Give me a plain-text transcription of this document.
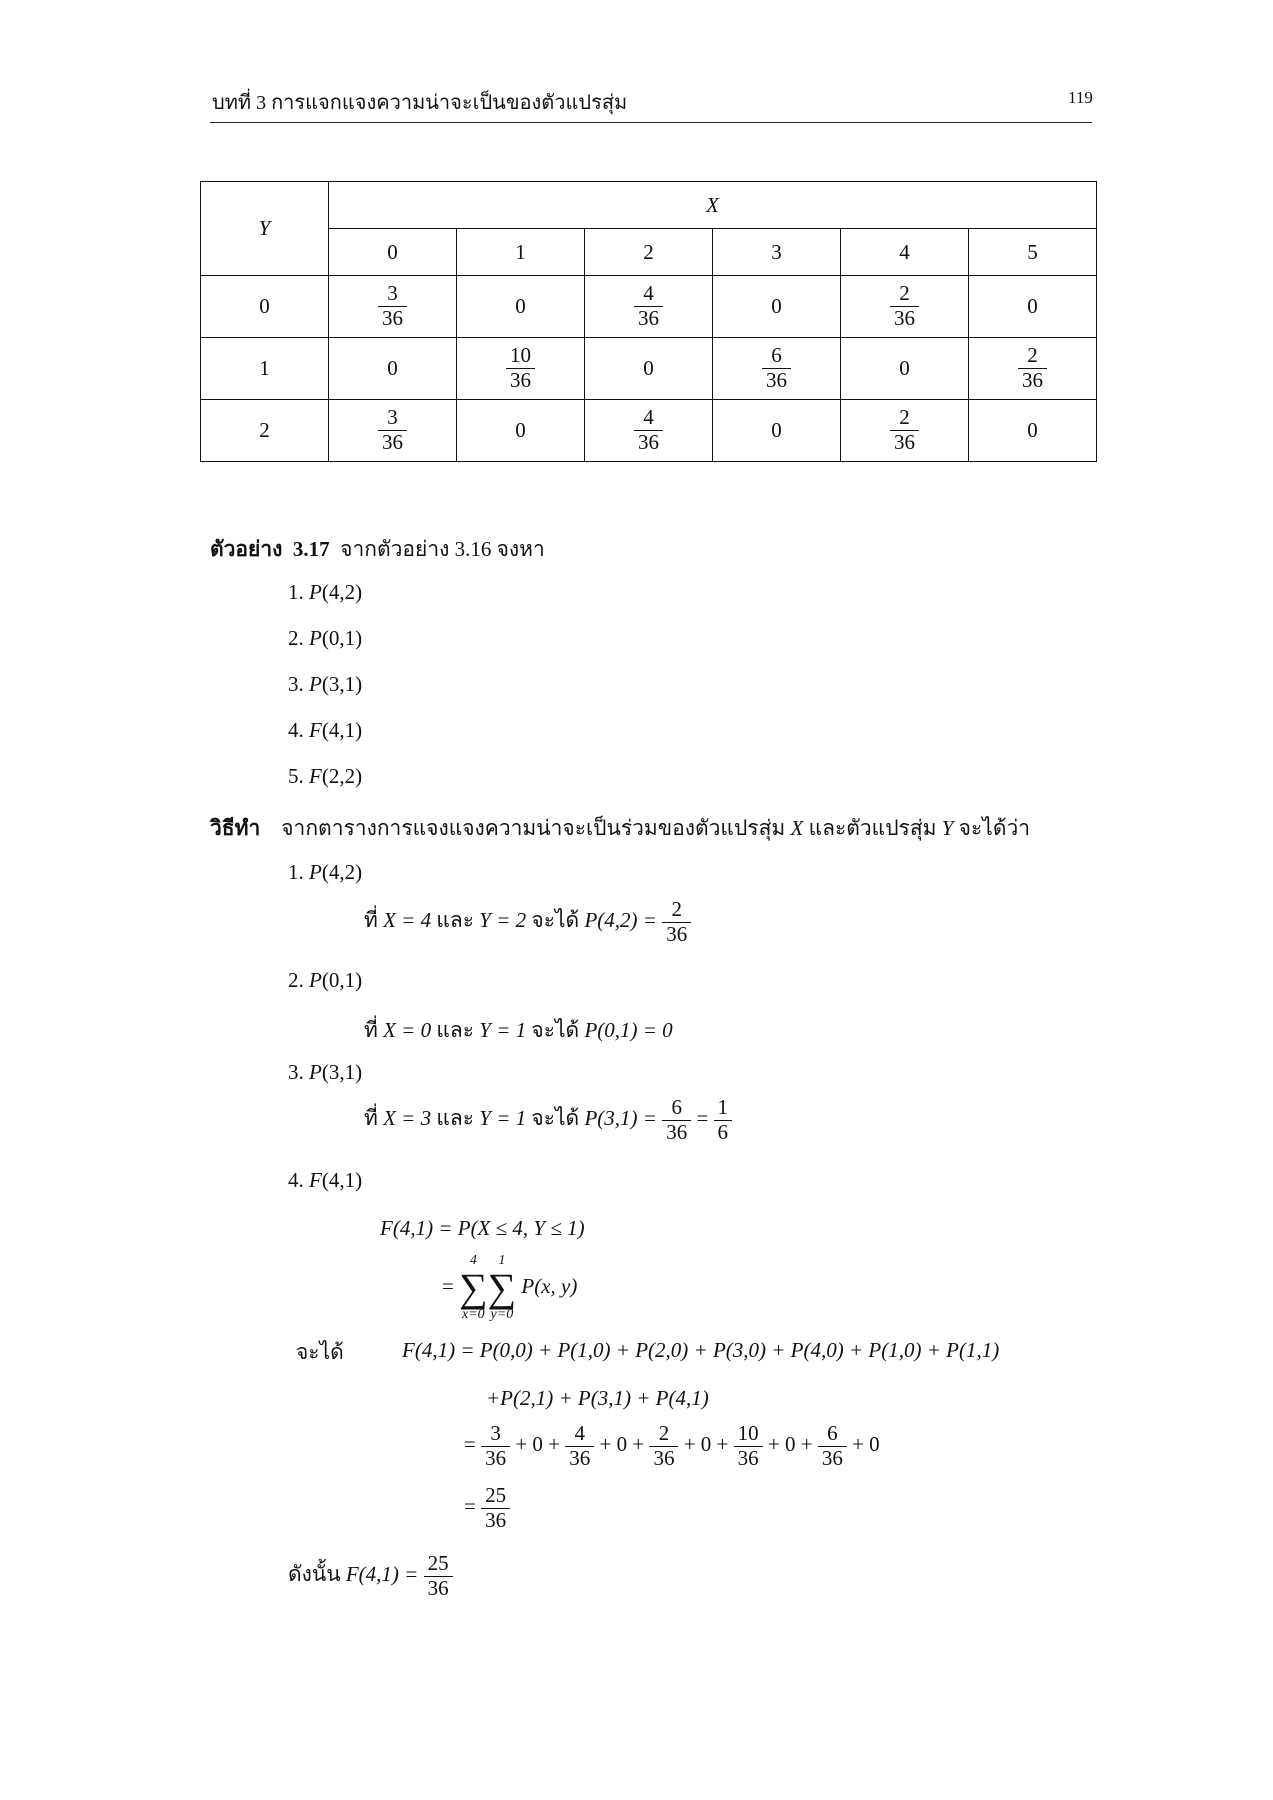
บทที่ 3 การแจกแจงความน่าจะเป็นของตัวแปรสุ่ม	119
Y	X					
	0	1	2	3	4	5
0	$\frac{3}{36}$	0	$\frac{4}{36}$	0	$\frac{2}{36}$	0
1	0	$\frac{10}{36}$	0	$\frac{6}{36}$	0	$\frac{2}{36}$

2	$\frac{3}{36}$	0	$\frac{4}{36}$	0	$\frac{2}{36}$	0
ตัวอย่าง 3.17 จากตัวอย่าง 3.16 จงหา
1. P(4,2)
2. P(0,1)
3. P(3,1)
4. F(4,1)
5. F(2,2)
วิธีทำ จากตารางการแจงแจงความน่าจะเป็นร่วมของตัวแปรสุ่ม X และตัวแปรสุ่ม Y จะได้ว่า
1. P(4,2)
ที่ X = 4 และ Y = 2 จะได้ $P(4,2) = \frac{2}{36}$
2. P(0,1)
ที่ X = 0 และ Y = 1 จะได้ P(0,1) = 0
3. P(3,1)
ที่ X = 3 และ Y = 1 จะได้ $P(3,1) = \frac{6}{36} = \frac{1}{6}$
4. F(4,1)
F(4,1) = P(X ≤ 4, Y ≤ 1)
=
4
∑
x=0
1
∑
y=0
P(x, y)
จะได้	F(4,1) = P(0,0) + P(1,0) + P(2,0) + P(3,0) + P(4,0) + P(1,0) + P(1,1)
+P(2,1) + P(3,1) + P(4,1)
= $\frac{3}{36} + 0 + \frac{4}{36} + 0 + \frac{2}{36} + 0 + \frac{10}{36} + 0 + \frac{6}{36} + 0$
= $\frac{25}{36}$
ดังนั้น $F(4,1) = \frac{25}{36}$
